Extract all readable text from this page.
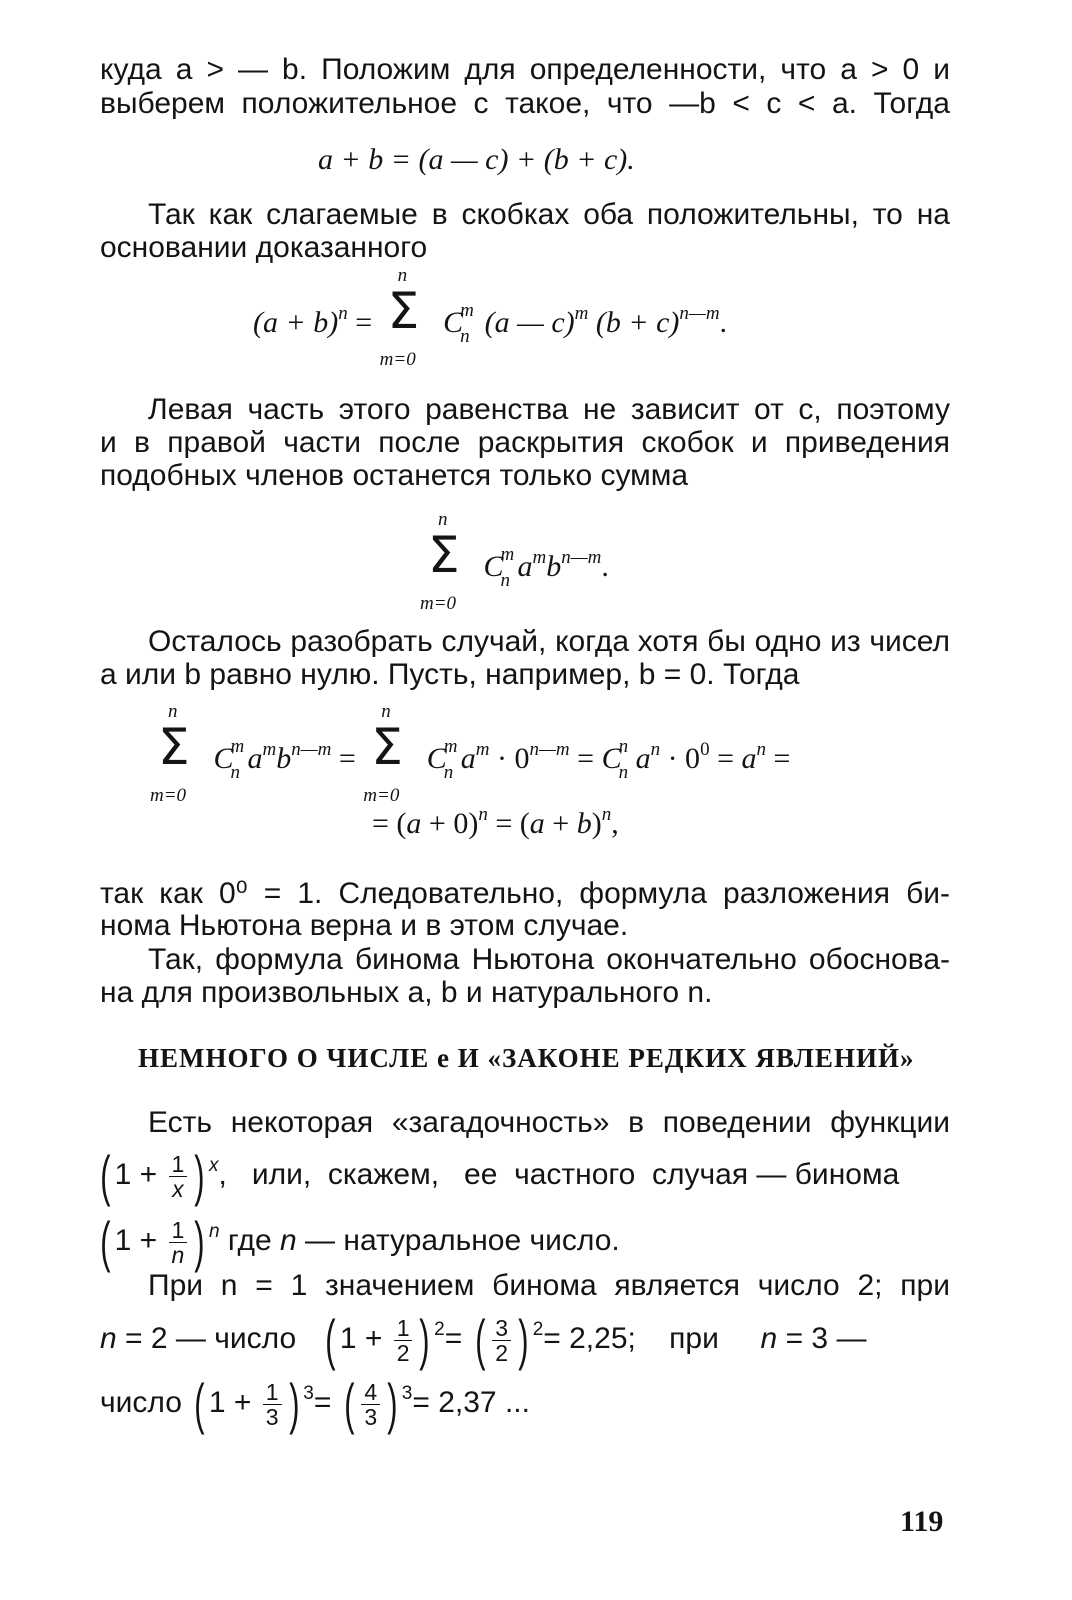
куда a > — b. Положим для определенности, что a > 0 и

выберем положительное c такое, что —b < c < a. Тогда

a + b = (a — c) + (b + c).

Так как слагаемые в скобках оба положительны, то на

основании доказанного

$(a + b)^n$ =
n
Σ
m=0
C
m
n (a — c)$^m$ $(b + c)^{n—m}$.

Левая часть этого равенства не зависит от c, поэтому

и в правой части после раскрытия скобок и приведения

подобных членов останется только сумма

n
Σ
m=0
C
m
n $a^mb^{n—m}$.

Осталось разобрать случай, когда хотя бы одно из чисел

a или b равно нулю. Пусть, например, b = 0. Тогда

n
Σ
m=0
C
m
n $a^mb^{n—m}$ =
n
Σ
m=0
C
m
n $a^m \cdot 0^{n—m} = C$
n
n $a^n \cdot 0^0 = a^n$ =
= $(a + 0)^n = (a + b)^n$,

так как 0⁰ = 1. Следовательно, формула разложения би-

нома Ньютона верна и в этом случае.

Так, формула бинома Ньютона окончательно обоснова-

на для произвольных a, b и натурального n.

НЕМНОГО О ЧИСЛЕ e И «ЗАКОНЕ РЕДКИХ ЯВЛЕНИЙ»

Есть некоторая «загадочность» в поведении функции

( $1 + \frac{1}{x}$ ) $^x$,   или,  скажем,   ее  частного  случая — бинома
( $1 + \frac{1}{n}$ ) $^n$ где n — натуральное число.

При n = 1 значением бинома является число 2; при

n = 2 — число   ( $1 + \frac{1}{2}$ ) $^2$= ( $\frac{3}{2}$ ) $^2$= 2,25;    при     n = 3 —
число ( $1 + \frac{1}{3}$ ) $^3$= ( $\frac{4}{3}$ ) $^3$= 2,37 ...

119
